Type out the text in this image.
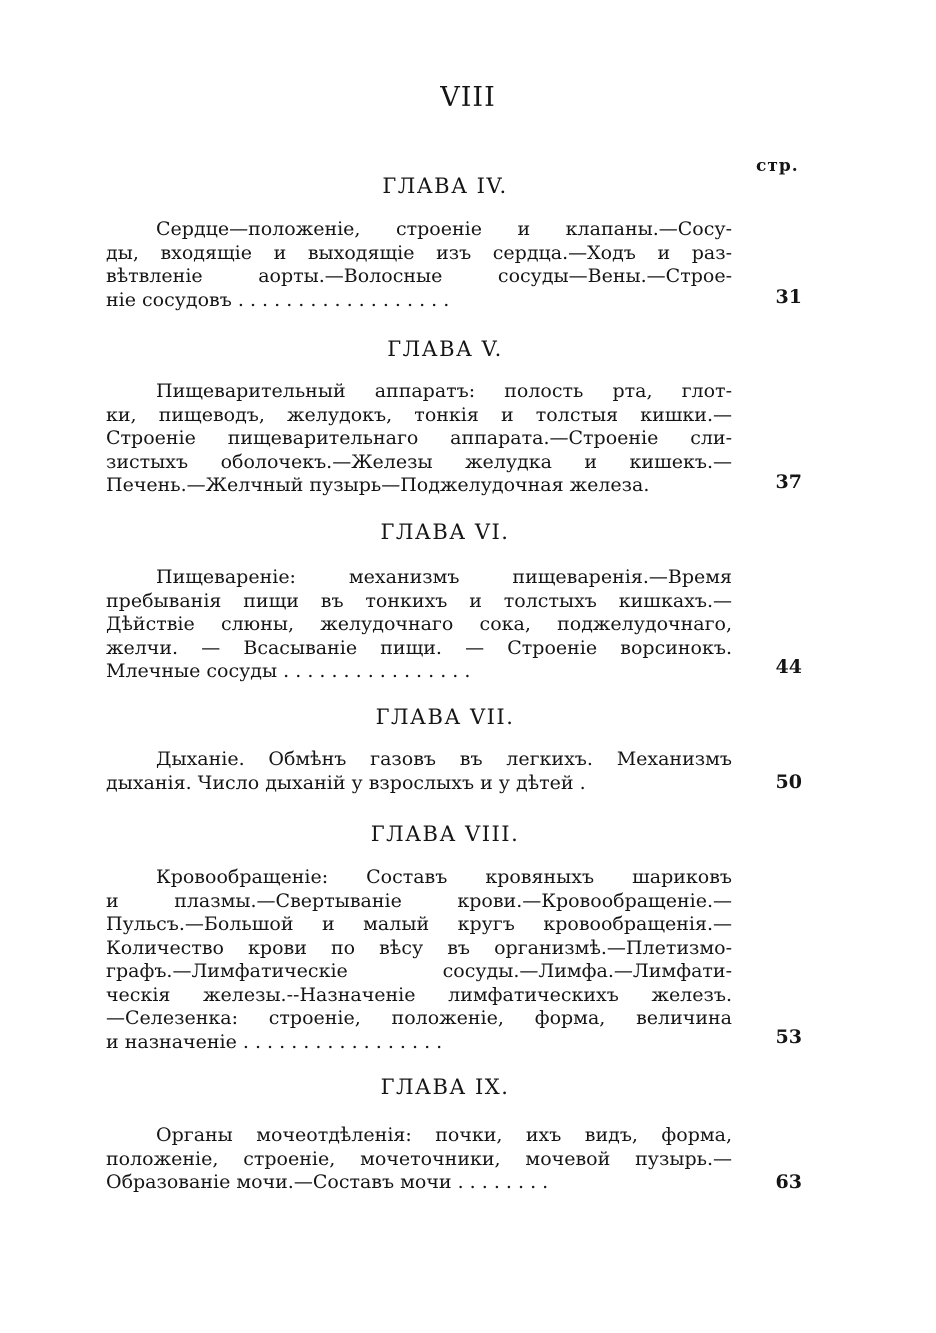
VIII
стр.
ГЛАВА IV.
Сердце—положеніе, строеніе и клапаны.—Сосу-
ды, входящіе и выходящіе изъ сердца.—Ходъ и раз-
вѣтвленіе аорты.—Волосные сосуды—Вены.—Строе-
ніе сосудовъ . . . . . . . . . . . . . . . . . .	31
ГЛАВА V.
Пищеварительный аппаратъ: полость рта, глот-
ки, пищеводъ, желудокъ, тонкія и толстыя кишки.—
Строеніе пищеварительнаго аппарата.—Строеніе сли-
зистыхъ оболочекъ.—Железы желудка и кишекъ.—
Печень.—Желчный пузырь—Поджелудочная железа.	37
ГЛАВА VI.
Пищевареніе: механизмъ пищеваренія.—Время
пребыванія пищи въ тонкихъ и толстыхъ кишкахъ.—
Дѣйствіе слюны, желудочнаго сока, поджелудочнаго,
желчи. — Всасываніе пищи. — Строеніе ворсинокъ.
Млечные сосуды . . . . . . . . . . . . . . . .	44
ГЛАВА VII.
Дыханіе. Обмѣнъ газовъ въ легкихъ. Механизмъ
дыханія. Число дыханій у взрослыхъ и у дѣтей .	50
ГЛАВА VIII.
Кровообращеніе: Составъ кровяныхъ шариковъ
и плазмы.—Свертываніе крови.—Кровообращеніе.—
Пульсъ.—Большой и малый кругъ кровообращенія.—
Количество крови по вѣсу въ организмѣ.—Плетизмо-
графъ.—Лимфатическіе сосуды.—Лимфа.—Лимфати-
ческія железы.--Назначеніе лимфатическихъ железъ.
—Селезенка: строеніе, положеніе, форма, величина
и назначеніе . . . . . . . . . . . . . . . . .	53
ГЛАВА IX.
Органы мочеотдѣленія: почки, ихъ видъ, форма,
положеніе, строеніе, мочеточники, мочевой пузырь.—
Образованіе мочи.—Составъ мочи . . . . . . . .	63
